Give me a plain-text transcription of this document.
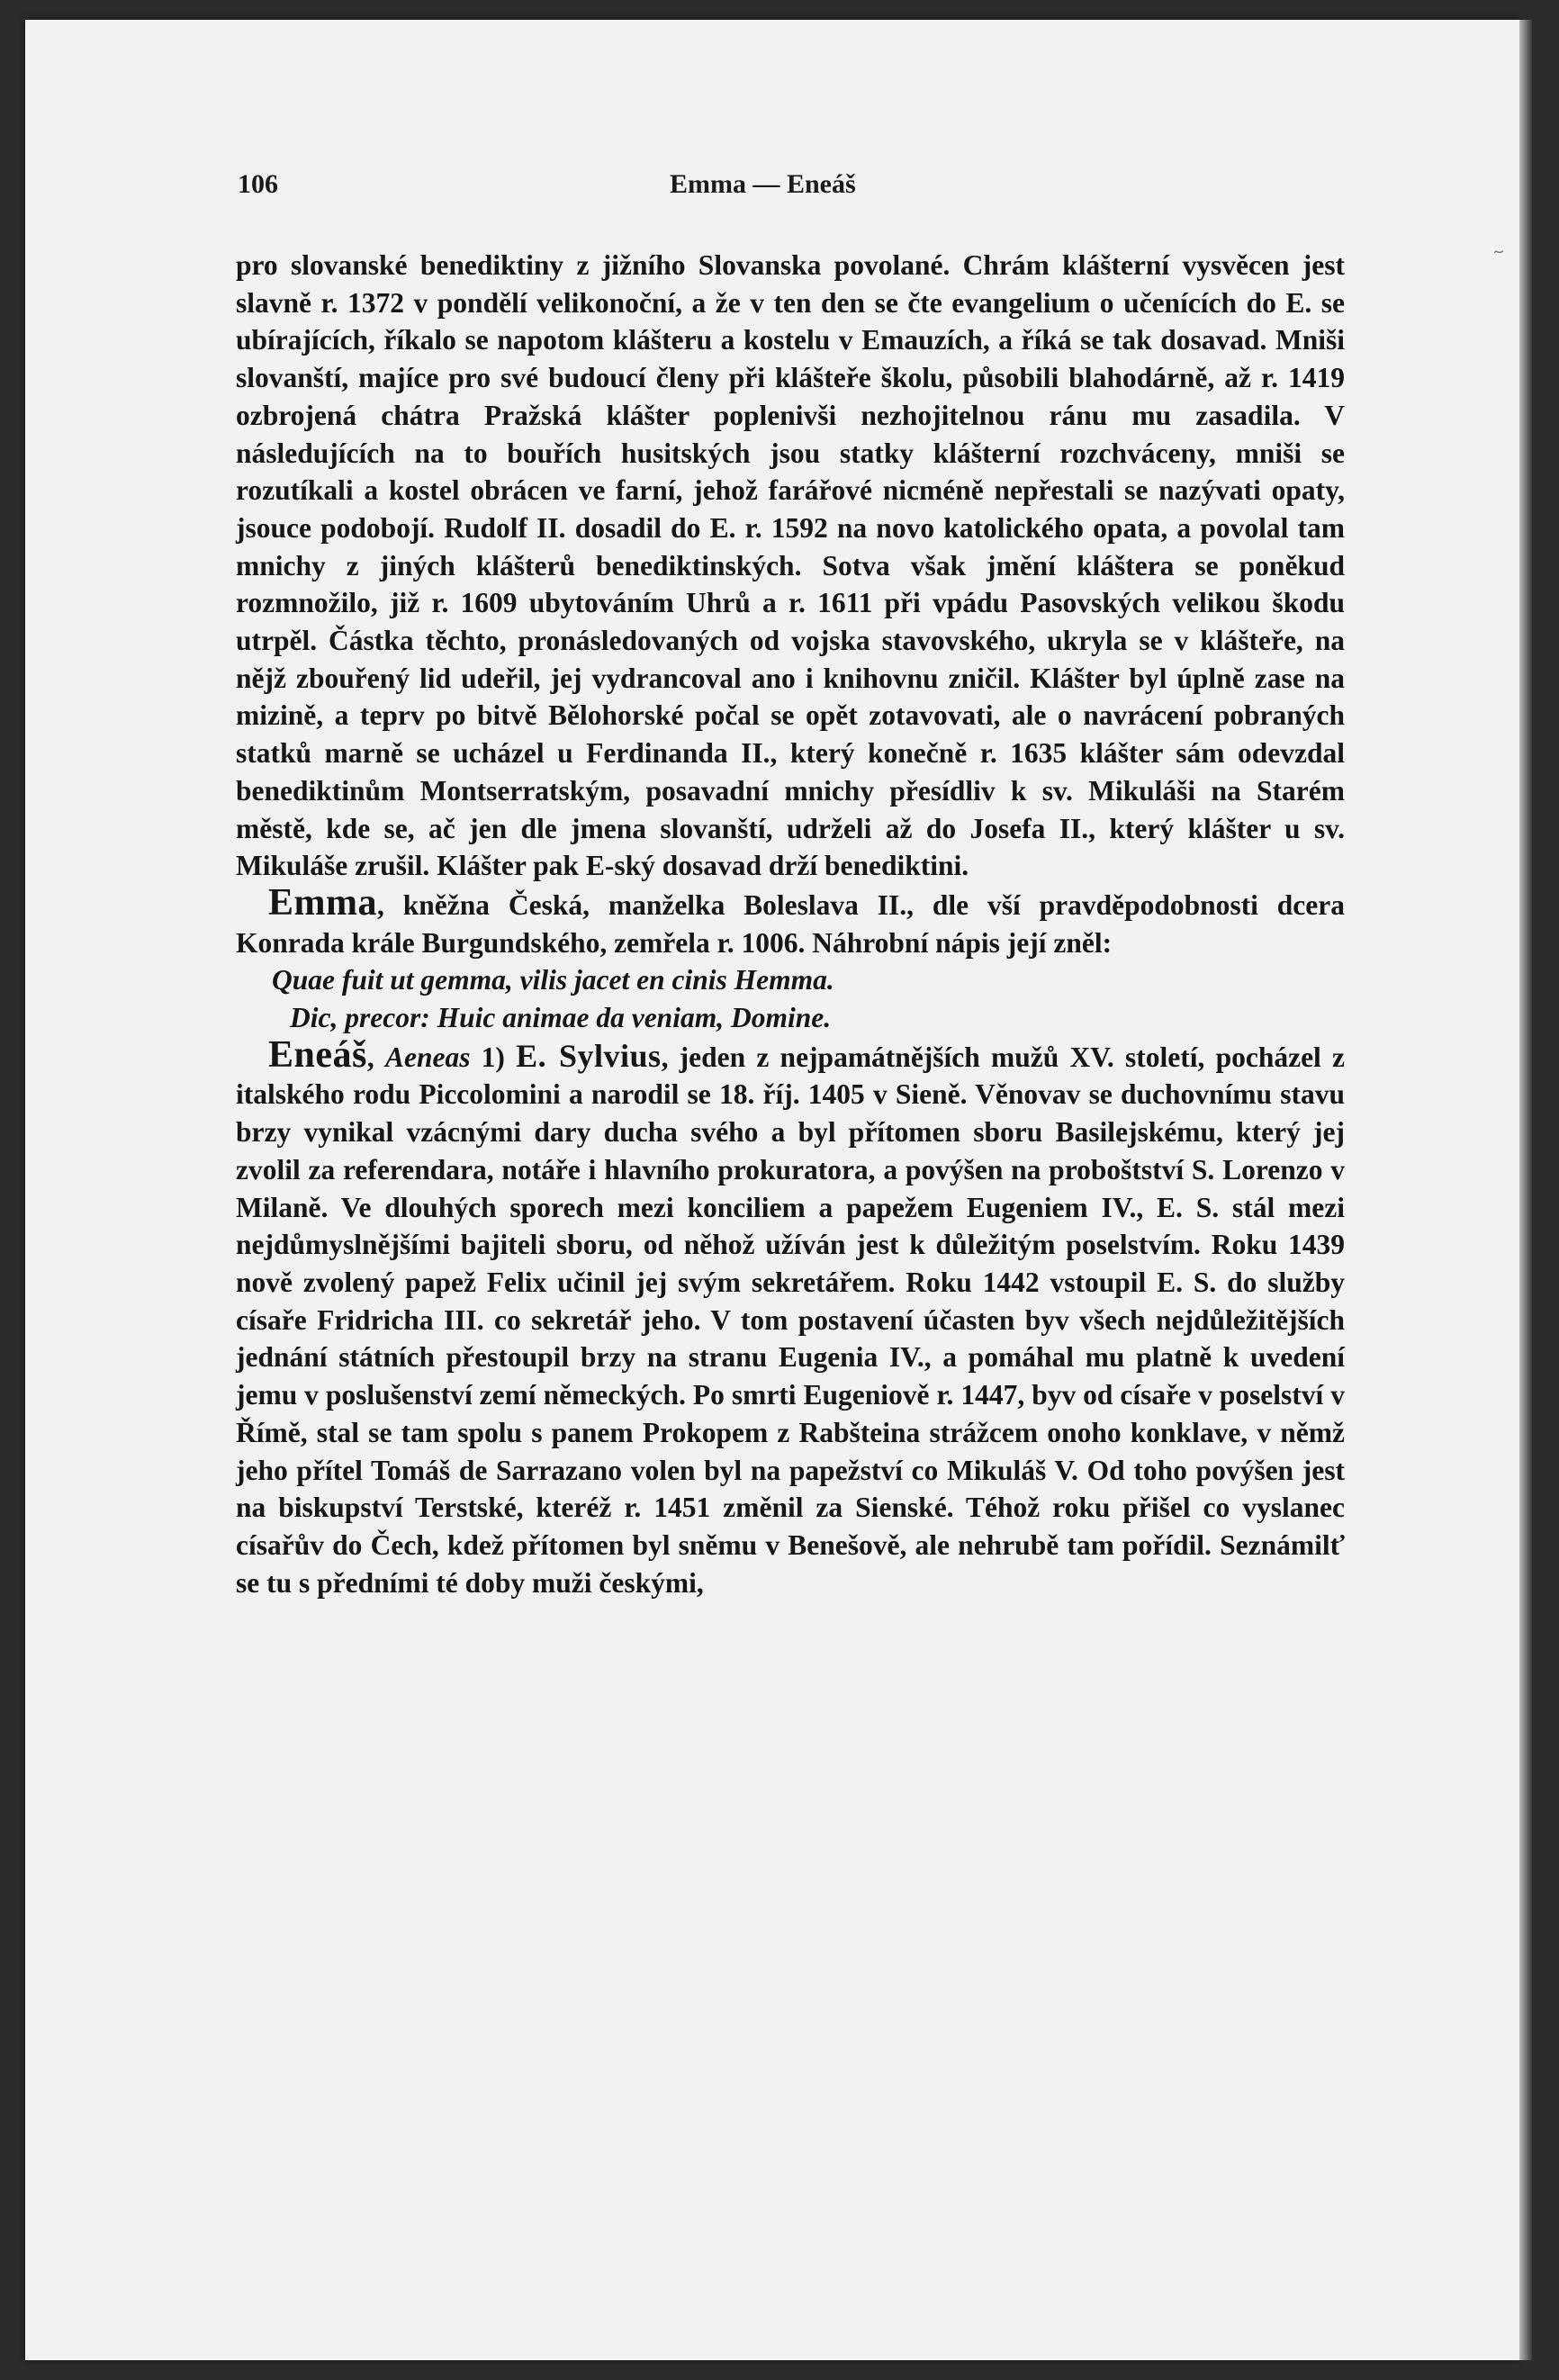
106	Emma — Eneáš

pro slovanské benediktiny z jižního Slovanska povolané. Chrám klášterní vysvěcen jest slavně r. 1372 v pondělí velikonoční, a že v ten den se čte evangelium o učenících do E. se ubírajících, říkalo se napotom klášteru a kostelu v Emauzích, a říká se tak dosavad. Mniši slovanští, majíce pro své budoucí členy při klášteře školu, působili blahodárně, až r. 1419 ozbrojená chátra Pražská klášter poplenivši nezhojitelnou ránu mu zasadila. V následujících na to bouřích husitských jsou statky klášterní rozchváceny, mniši se rozutíkali a kostel obrácen ve farní, jehož farářové nicméně nepřestali se nazývati opaty, jsouce podobojí. Rudolf II. dosadil do E. r. 1592 na novo katolického opata, a povolal tam mnichy z jiných klášterů benediktinských. Sotva však jmění kláštera se poněkud rozmnožilo, již r. 1609 ubytováním Uhrů a r. 1611 při vpádu Pasovských velikou škodu utrpěl. Částka těchto, pronásledovaných od vojska stavovského, ukryla se v klášteře, na nějž zbouřený lid udeřil, jej vydrancoval ano i knihovnu zničil. Klášter byl úplně zase na mizině, a teprv po bitvě Bělohorské počal se opět zotavovati, ale o navrácení pobraných statků marně se ucházel u Ferdinanda II., který konečně r. 1635 klášter sám odevzdal benediktinům Montserratským, posavadní mnichy přesídliv k sv. Mikuláši na Starém městě, kde se, ač jen dle jmena slovanští, udrželi až do Josefa II., který klášter u sv. Mikuláše zrušil. Klášter pak E-ský dosavad drží benediktini.

Emma, kněžna Česká, manželka Boleslava II., dle vší pravděpodobnosti dcera Konrada krále Burgundského, zemřela r. 1006. Náhrobní nápis její zněl:

Quae fuit ut gemma, vilis jacet en cinis Hemma.

Dic, precor: Huic animae da veniam, Domine.

Eneáš, Aeneas 1) E. Sylvius, jeden z nejpamátnějších mužů XV. století, pocházel z italského rodu Piccolomini a narodil se 18. říj. 1405 v Sieně. Věnovav se duchovnímu stavu brzy vynikal vzácnými dary ducha svého a byl přítomen sboru Basilejskému, který jej zvolil za referendara, notáře i hlavního prokuratora, a povýšen na proboštství S. Lorenzo v Milaně. Ve dlouhých sporech mezi konciliem a papežem Eugeniem IV., E. S. stál mezi nejdůmyslnějšími bajiteli sboru, od něhož užíván jest k důležitým poselstvím. Roku 1439 nově zvolený papež Felix učinil jej svým sekretářem. Roku 1442 vstoupil E. S. do služby císaře Fridricha III. co sekretář jeho. V tom postavení účasten byv všech nejdůležitějších jednání státních přestoupil brzy na stranu Eugenia IV., a pomáhal mu platně k uvedení jemu v poslušenství zemí německých. Po smrti Eugeniově r. 1447, byv od císaře v poselství v Římě, stal se tam spolu s panem Prokopem z Rabšteina strážcem onoho konklave, v němž jeho přítel Tomáš de Sarrazano volen byl na papežství co Mikuláš V. Od toho povýšen jest na biskupství Terstské, kteréž r. 1451 změnil za Sienské. Téhož roku přišel co vyslanec císařův do Čech, kdež přítomen byl sněmu v Benešově, ale nehrubě tam pořídil. Seznámilť se tu s předními té doby muži českými,
